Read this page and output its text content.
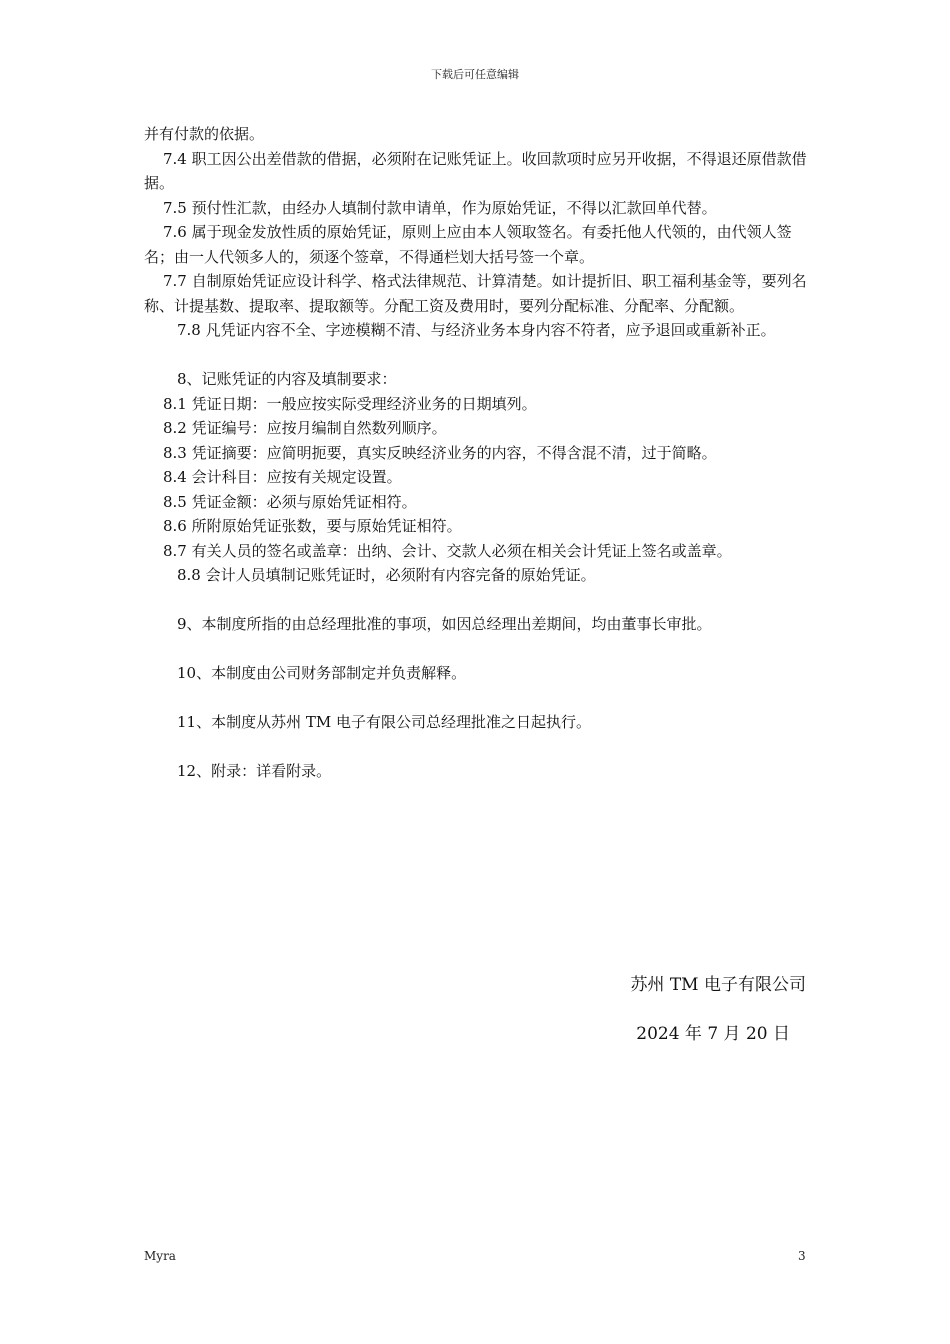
下载后可任意编辑

并有付款的依据。

7.4 职工因公出差借款的借据，必须附在记账凭证上。收回款项时应另开收据，不得退还原借款借据。

7.5 预付性汇款，由经办人填制付款申请单，作为原始凭证，不得以汇款回单代替。

7.6 属于现金发放性质的原始凭证，原则上应由本人领取签名。有委托他人代领的，由代领人签名；由一人代领多人的，须逐个签章，不得通栏划大括号签一个章。

7.7 自制原始凭证应设计科学、格式法律规范、计算清楚。如计提折旧、职工福利基金等，要列名称、计提基数、提取率、提取额等。分配工资及费用时，要列分配标准、分配率、分配额。

7.8 凡凭证内容不全、字迹模糊不清、与经济业务本身内容不符者，应予退回或重新补正。

8、记账凭证的内容及填制要求：

8.1 凭证日期：一般应按实际受理经济业务的日期填列。

8.2 凭证编号：应按月编制自然数列顺序。

8.3 凭证摘要：应简明扼要，真实反映经济业务的内容，不得含混不清，过于简略。

8.4 会计科目：应按有关规定设置。

8.5 凭证金额：必须与原始凭证相符。

8.6 所附原始凭证张数，要与原始凭证相符。

8.7 有关人员的签名或盖章：出纳、会计、交款人必须在相关会计凭证上签名或盖章。

8.8 会计人员填制记账凭证时，必须附有内容完备的原始凭证。

9、本制度所指的由总经理批准的事项，如因总经理出差期间，均由董事长审批。

10、本制度由公司财务部制定并负责解释。

11、本制度从苏州 TM 电子有限公司总经理批准之日起执行。

12、附录：详看附录。

苏州 TM 电子有限公司
2024 年 7 月 20 日
Myra	3
